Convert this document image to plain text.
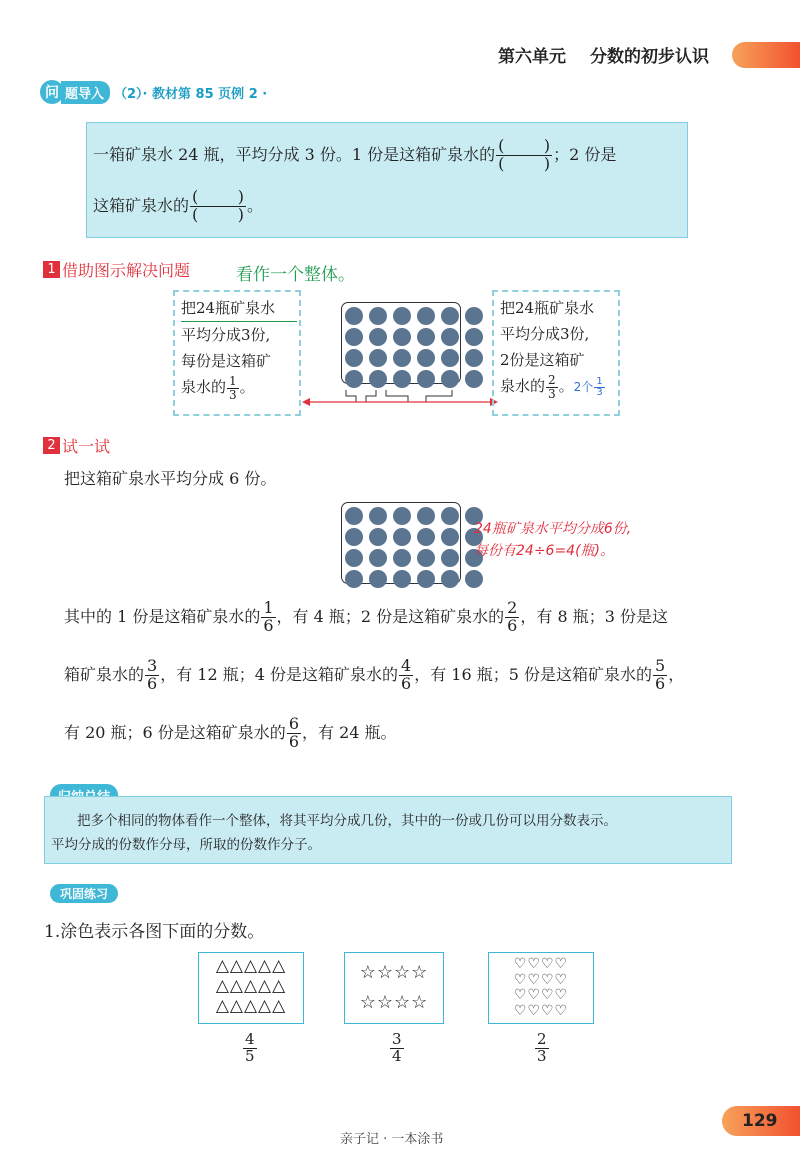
第六单元 分数的初步认识
问 题导入 （2）· 教材第 85 页例 2 ·
一箱矿泉水 24 瓶，平均分成 3 份。1 份是这箱矿泉水的 (   )
(   )	；2 份是
这箱矿泉水的 (   )
(   )	。
1 借助图示解决问题	看作一个整体。
把24瓶矿泉水
平均分成3份,
每份是这箱矿
泉水的 $\frac{1}{3}$ 。
把24瓶矿泉水
平均分成3份,
2份是这箱矿
泉水的 $\frac{2}{3}$ 。2个 $\frac{1}{3}$
2 试一试
把这箱矿泉水平均分成 6 份。
24瓶矿泉水平均分成6份,
每份有24÷6=4(瓶)。
其中的 1 份是这箱矿泉水的 $\frac{1}{6}$ ，有 4 瓶；2 份是这箱矿泉水的 $\frac{2}{6}$ ，有 8 瓶；3 份是这
箱矿泉水的 $\frac{3}{6}$ ，有 12 瓶；4 份是这箱矿泉水的 $\frac{4}{6}$ ，有 16 瓶；5 份是这箱矿泉水的 $\frac{5}{6}$ ，
有 20 瓶；6 份是这箱矿泉水的 $\frac{6}{6}$ ，有 24 瓶。
把多个相同的物体看作一个整体，将其平均分成几份，其中的一份或几份可以用分数表示。
平均分成的份数作分母，所取的份数作分子。
巩固练习
1.涂色表示各图下面的分数。
△△△△△
△△△△△
△△△△△
$\frac{4}{5}$
☆☆☆☆
☆☆☆☆
$\frac{3}{4}$
♡♡♡♡
♡♡♡♡
♡♡♡♡
♡♡♡♡
$\frac{2}{3}$
亲子记 · 一本涂书
129
